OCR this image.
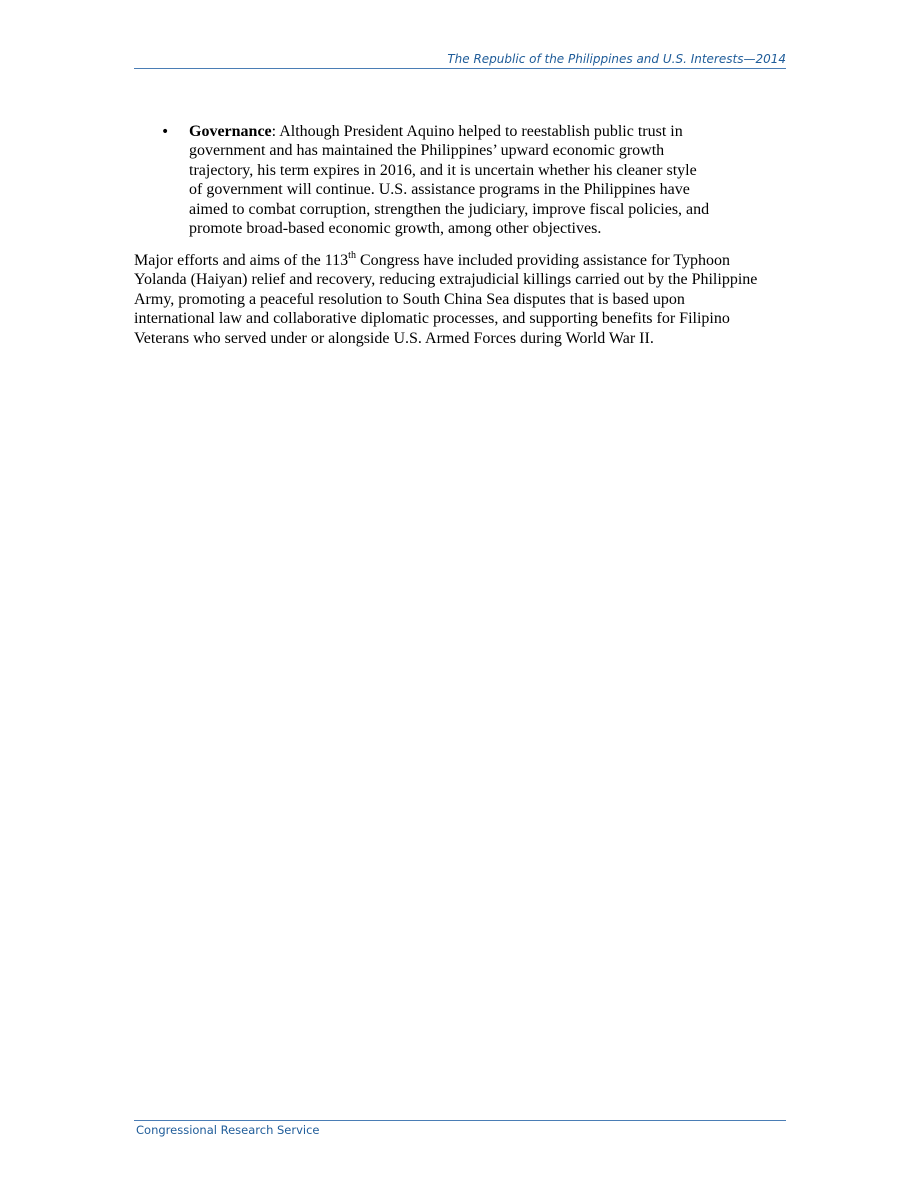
The Republic of the Philippines and U.S. Interests—2014
• Governance: Although President Aquino helped to reestablish public trust in
government and has maintained the Philippines’ upward economic growth
trajectory, his term expires in 2016, and it is uncertain whether his cleaner style
of government will continue. U.S. assistance programs in the Philippines have
aimed to combat corruption, strengthen the judiciary, improve fiscal policies, and
promote broad-based economic growth, among other objectives.
Major efforts and aims of the 113th Congress have included providing assistance for Typhoon
Yolanda (Haiyan) relief and recovery, reducing extrajudicial killings carried out by the Philippine
Army, promoting a peaceful resolution to South China Sea disputes that is based upon
international law and collaborative diplomatic processes, and supporting benefits for Filipino
Veterans who served under or alongside U.S. Armed Forces during World War II.
Congressional Research Service
